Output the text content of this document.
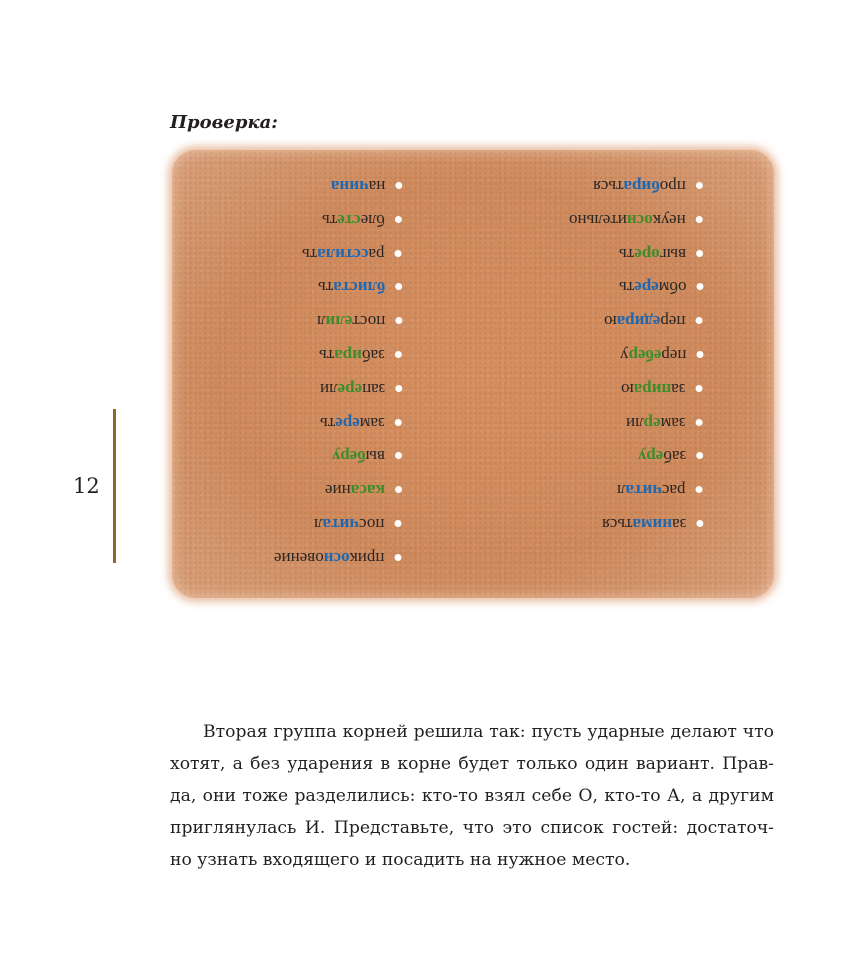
Проверка:
начина
блестеть
расстилать
блистать
постелил
забирать
заперели
замереть
выберу
касание
посчитал
прикосновение
пробираться
неукоснительно
выгореть
обмереть
передираю
переберу
запираю
замерли
заберу
расчитал
заниматься
12

Вторая группа корней решила так: пусть ударные делают что
хотят, а без ударения в корне будет только один вариант. Прав-
да, они тоже разделились: кто-то взял себе О, кто-то А, а другим
приглянулась И. Представьте, что это список гостей: достаточ-
но узнать входящего и посадить на нужное место.
